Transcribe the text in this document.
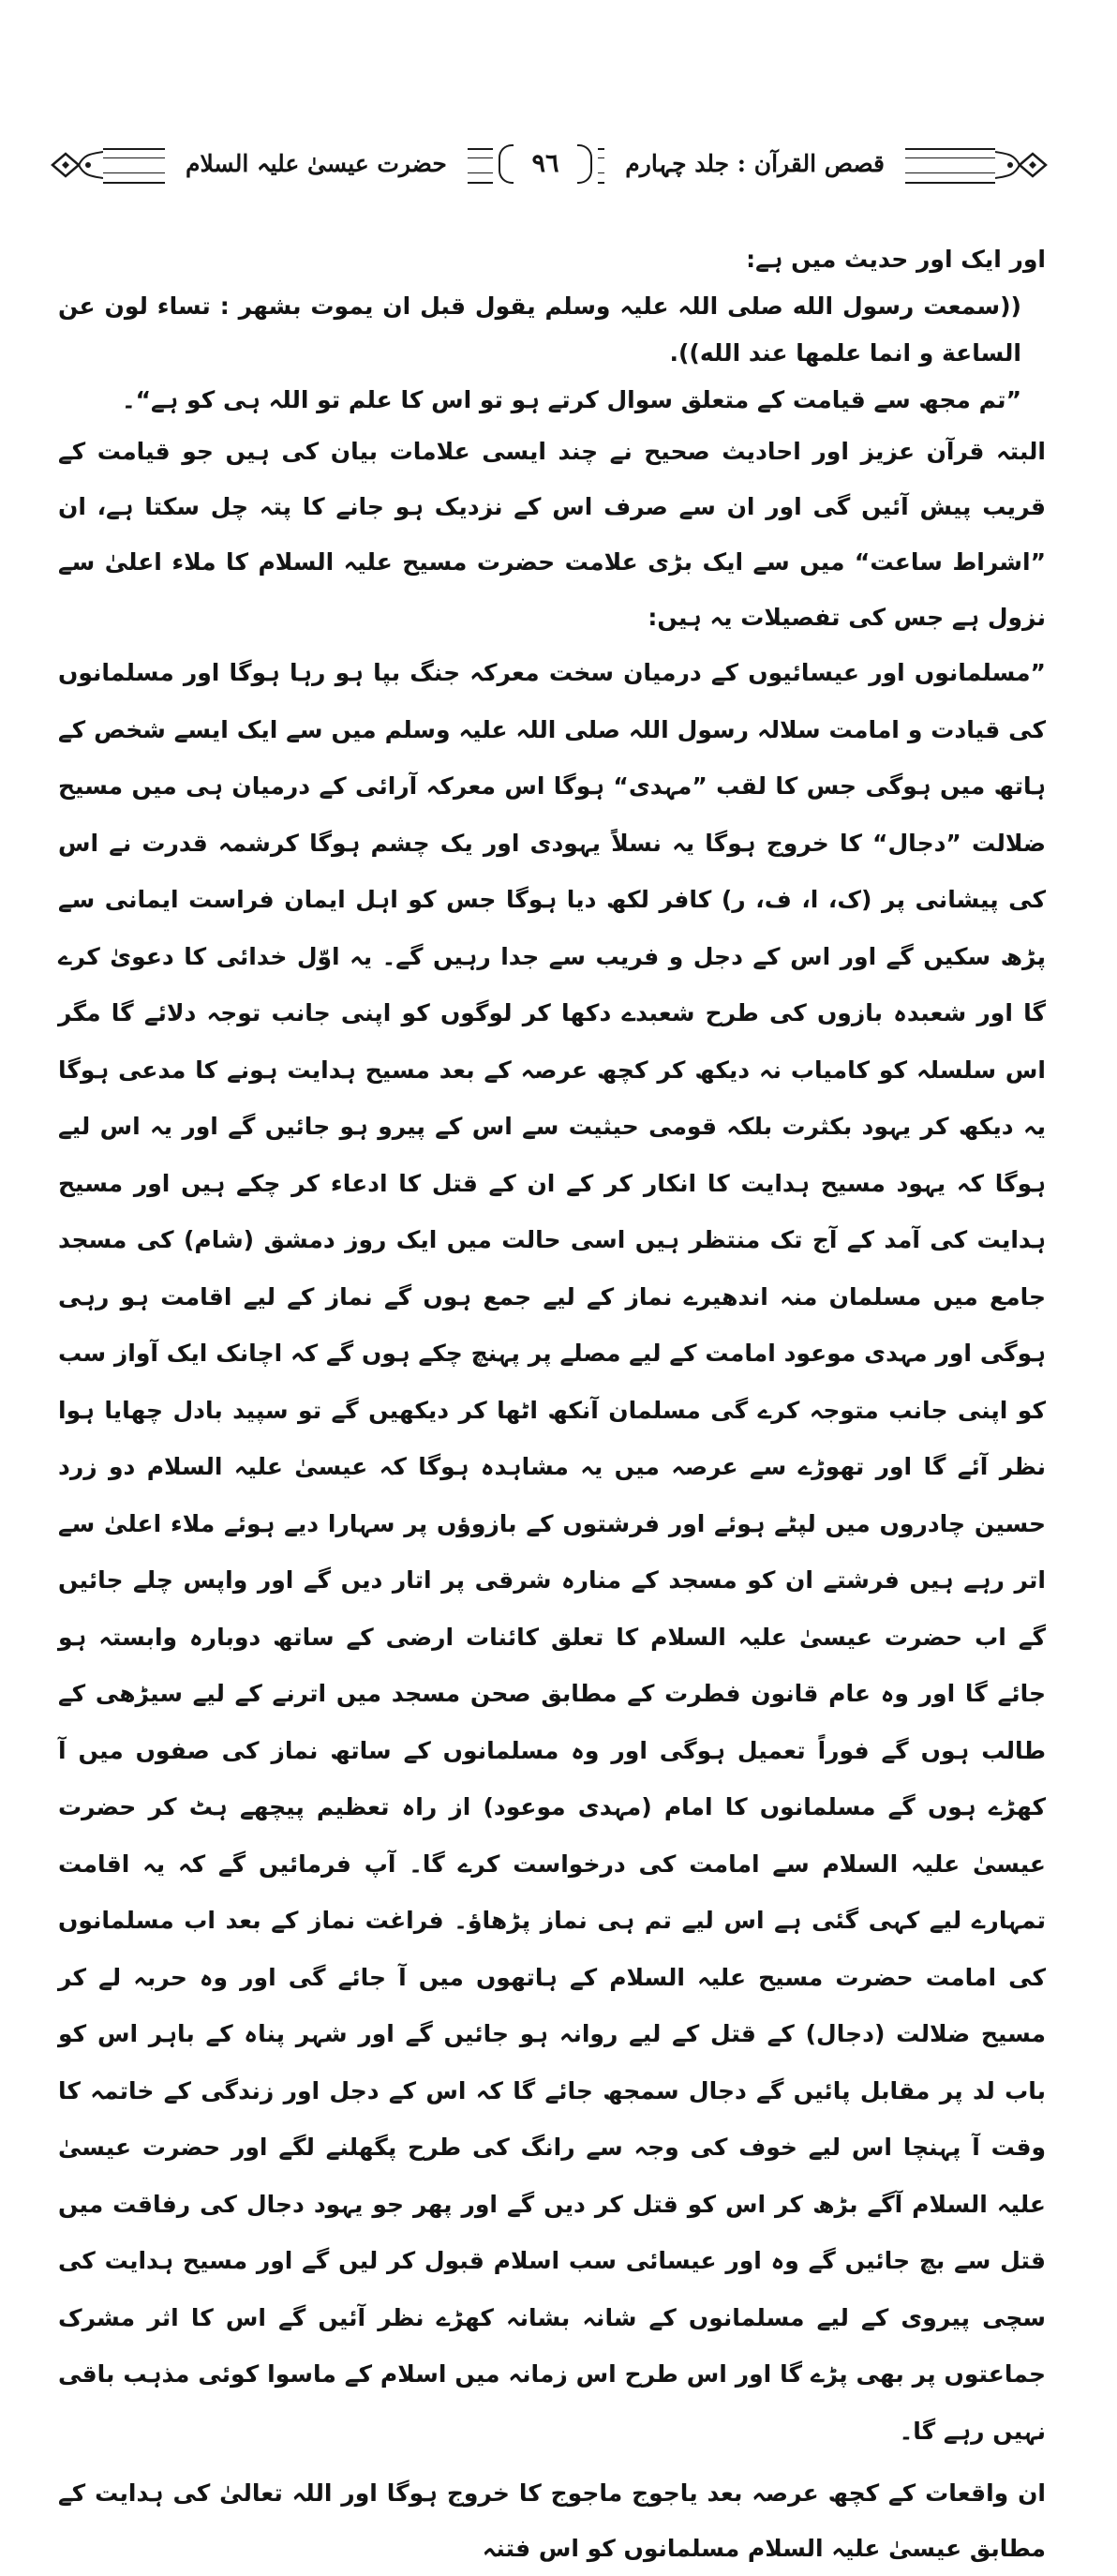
قصص القرآن : جلد چہارم
٩٦
حضرت عیسیٰ علیہ السلام

اور ایک اور حدیث میں ہے:

((سمعت رسول الله صلی اللہ علیہ وسلم یقول قبل ان یموت بشھر : تساء لون عن الساعة و انما علمھا عند الله)).

”تم مجھ سے قیامت کے متعلق سوال کرتے ہو تو اس کا علم تو اللہ ہی کو ہے“۔

البتہ قرآن عزیز اور احادیث صحیح نے چند ایسی علامات بیان کی ہیں جو قیامت کے قریب پیش آئیں گی اور ان سے صرف اس کے نزدیک ہو جانے کا پتہ چل سکتا ہے، ان ”اشراط ساعت“ میں سے ایک بڑی علامت حضرت مسیح علیہ السلام کا ملاء اعلیٰ سے نزول ہے جس کی تفصیلات یہ ہیں:

”مسلمانوں اور عیسائیوں کے درمیان سخت معرکہ جنگ بپا ہو رہا ہوگا اور مسلمانوں کی قیادت و امامت سلالہ رسول اللہ صلی اللہ علیہ وسلم میں سے ایک ایسے شخص کے ہاتھ میں ہوگی جس کا لقب ”مہدی“ ہوگا اس معرکہ آرائی کے درمیان ہی میں مسیح ضلالت ”دجال“ کا خروج ہوگا یہ نسلاً یہودی اور یک چشم ہوگا کرشمہ قدرت نے اس کی پیشانی پر (ک، ا، ف، ر) کافر لکھ دیا ہوگا جس کو اہل ایمان فراست ایمانی سے پڑھ سکیں گے اور اس کے دجل و فریب سے جدا رہیں گے۔ یہ اوّل خدائی کا دعویٰ کرے گا اور شعبدہ بازوں کی طرح شعبدے دکھا کر لوگوں کو اپنی جانب توجہ دلائے گا مگر اس سلسلہ کو کامیاب نہ دیکھ کر کچھ عرصہ کے بعد مسیح ہدایت ہونے کا مدعی ہوگا یہ دیکھ کر یہود بکثرت بلکہ قومی حیثیت سے اس کے پیرو ہو جائیں گے اور یہ اس لیے ہوگا کہ یہود مسیح ہدایت کا انکار کر کے ان کے قتل کا ادعاء کر چکے ہیں اور مسیح ہدایت کی آمد کے آج تک منتظر ہیں اسی حالت میں ایک روز دمشق (شام) کی مسجد جامع میں مسلمان منہ اندھیرے نماز کے لیے جمع ہوں گے نماز کے لیے اقامت ہو رہی ہوگی اور مہدی موعود امامت کے لیے مصلے پر پہنچ چکے ہوں گے کہ اچانک ایک آواز سب کو اپنی جانب متوجہ کرے گی مسلمان آنکھ اٹھا کر دیکھیں گے تو سپید بادل چھایا ہوا نظر آئے گا اور تھوڑے سے عرصہ میں یہ مشاہدہ ہوگا کہ عیسیٰ علیہ السلام دو زرد حسین چادروں میں لپٹے ہوئے اور فرشتوں کے بازوؤں پر سہارا دیے ہوئے ملاء اعلیٰ سے اتر رہے ہیں فرشتے ان کو مسجد کے منارہ شرقی پر اتار دیں گے اور واپس چلے جائیں گے اب حضرت عیسیٰ علیہ السلام کا تعلق کائنات ارضی کے ساتھ دوبارہ وابستہ ہو جائے گا اور وہ عام قانون فطرت کے مطابق صحن مسجد میں اترنے کے لیے سیڑھی کے طالب ہوں گے فوراً تعمیل ہوگی اور وہ مسلمانوں کے ساتھ نماز کی صفوں میں آ کھڑے ہوں گے مسلمانوں کا امام (مہدی موعود) از راہ تعظیم پیچھے ہٹ کر حضرت عیسیٰ علیہ السلام سے امامت کی درخواست کرے گا۔ آپ فرمائیں گے کہ یہ اقامت تمہارے لیے کہی گئی ہے اس لیے تم ہی نماز پڑھاؤ۔ فراغت نماز کے بعد اب مسلمانوں کی امامت حضرت مسیح علیہ السلام کے ہاتھوں میں آ جائے گی اور وہ حربہ لے کر مسیح ضلالت (دجال) کے قتل کے لیے روانہ ہو جائیں گے اور شہر پناہ کے باہر اس کو باب لد پر مقابل پائیں گے دجال سمجھ جائے گا کہ اس کے دجل اور زندگی کے خاتمہ کا وقت آ پہنچا اس لیے خوف کی وجہ سے رانگ کی طرح پگھلنے لگے اور حضرت عیسیٰ علیہ السلام آگے بڑھ کر اس کو قتل کر دیں گے اور پھر جو یہود دجال کی رفاقت میں قتل سے بچ جائیں گے وہ اور عیسائی سب اسلام قبول کر لیں گے اور مسیح ہدایت کی سچی پیروی کے لیے مسلمانوں کے شانہ بشانہ کھڑے نظر آئیں گے اس کا اثر مشرک جماعتوں پر بھی پڑے گا اور اس طرح اس زمانہ میں اسلام کے ماسوا کوئی مذہب باقی نہیں رہے گا۔

ان واقعات کے کچھ عرصہ بعد یاجوج ماجوج کا خروج ہوگا اور اللہ تعالیٰ کی ہدایت کے مطابق عیسیٰ علیہ السلام مسلمانوں کو اس فتنہ
